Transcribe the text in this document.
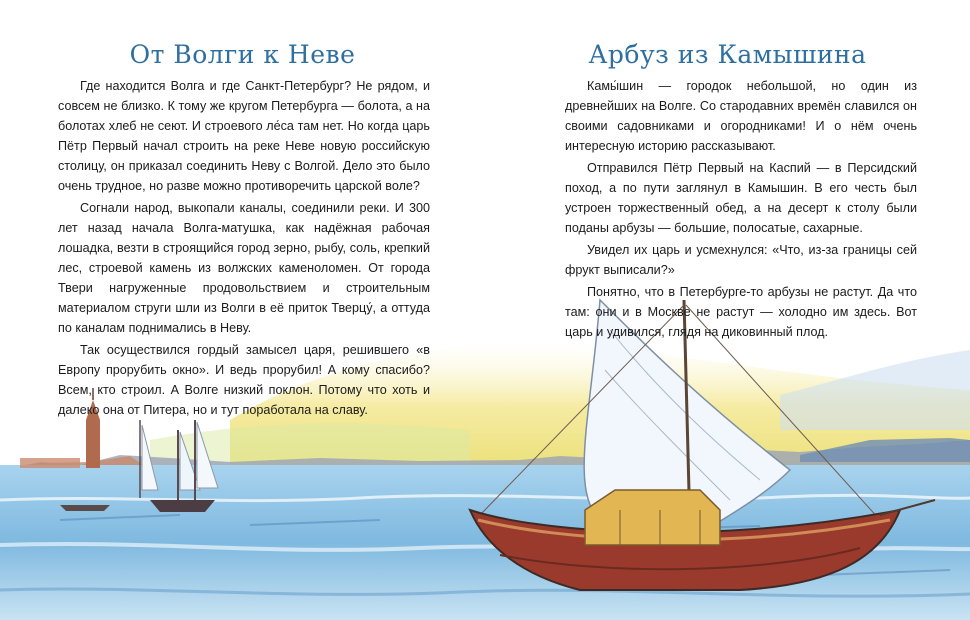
От Волги к Неве

Где находится Волга и где Санкт-Петербург? Не рядом, и совсем не близко. К тому же кругом Петербурга — болота, а на болотах хлеб не сеют. И строевого ле́са там нет. Но когда царь Пётр Первый начал строить на реке Неве новую российскую столицу, он приказал соединить Неву с Волгой. Дело это было очень трудное, но разве можно противоречить царской воле?

Согнали народ, выкопали каналы, соединили реки. И 300 лет назад начала Волга-матушка, как надёжная рабочая лошадка, везти в строящийся город зерно, рыбу, соль, крепкий лес, строевой камень из волжских каменоломен. От города Твери нагруженные продовольствием и строительным материалом струги шли из Волги в её приток Тверцу́, а оттуда по каналам поднимались в Неву.

Так осуществился гордый замысел царя, решившего «в Европу прорубить окно». И ведь прорубил! А кому спасибо? Всем, кто строил. А Волге низкий поклон. Потому что хоть и далеко она от Питера, но и тут поработала на славу.

Арбуз из Камышина

Камы́шин — городок небольшой, но один из древнейших на Волге. Со стародавних времён славился он своими садовниками и огородниками! И о нём очень интересную историю рассказывают.

Отправился Пётр Первый на Каспий — в Персидский поход, а по пути заглянул в Камышин. В его честь был устроен торжественный обед, а на десерт к столу были поданы арбузы — большие, полосатые, сахарные.

Увидел их царь и усмехнулся: «Что, из-за границы сей фрукт выписали?»

Понятно, что в Петербурге-то арбузы не растут. Да что там: они и в Москве не растут — холодно им здесь. Вот царь и удивился, глядя на диковинный плод.
